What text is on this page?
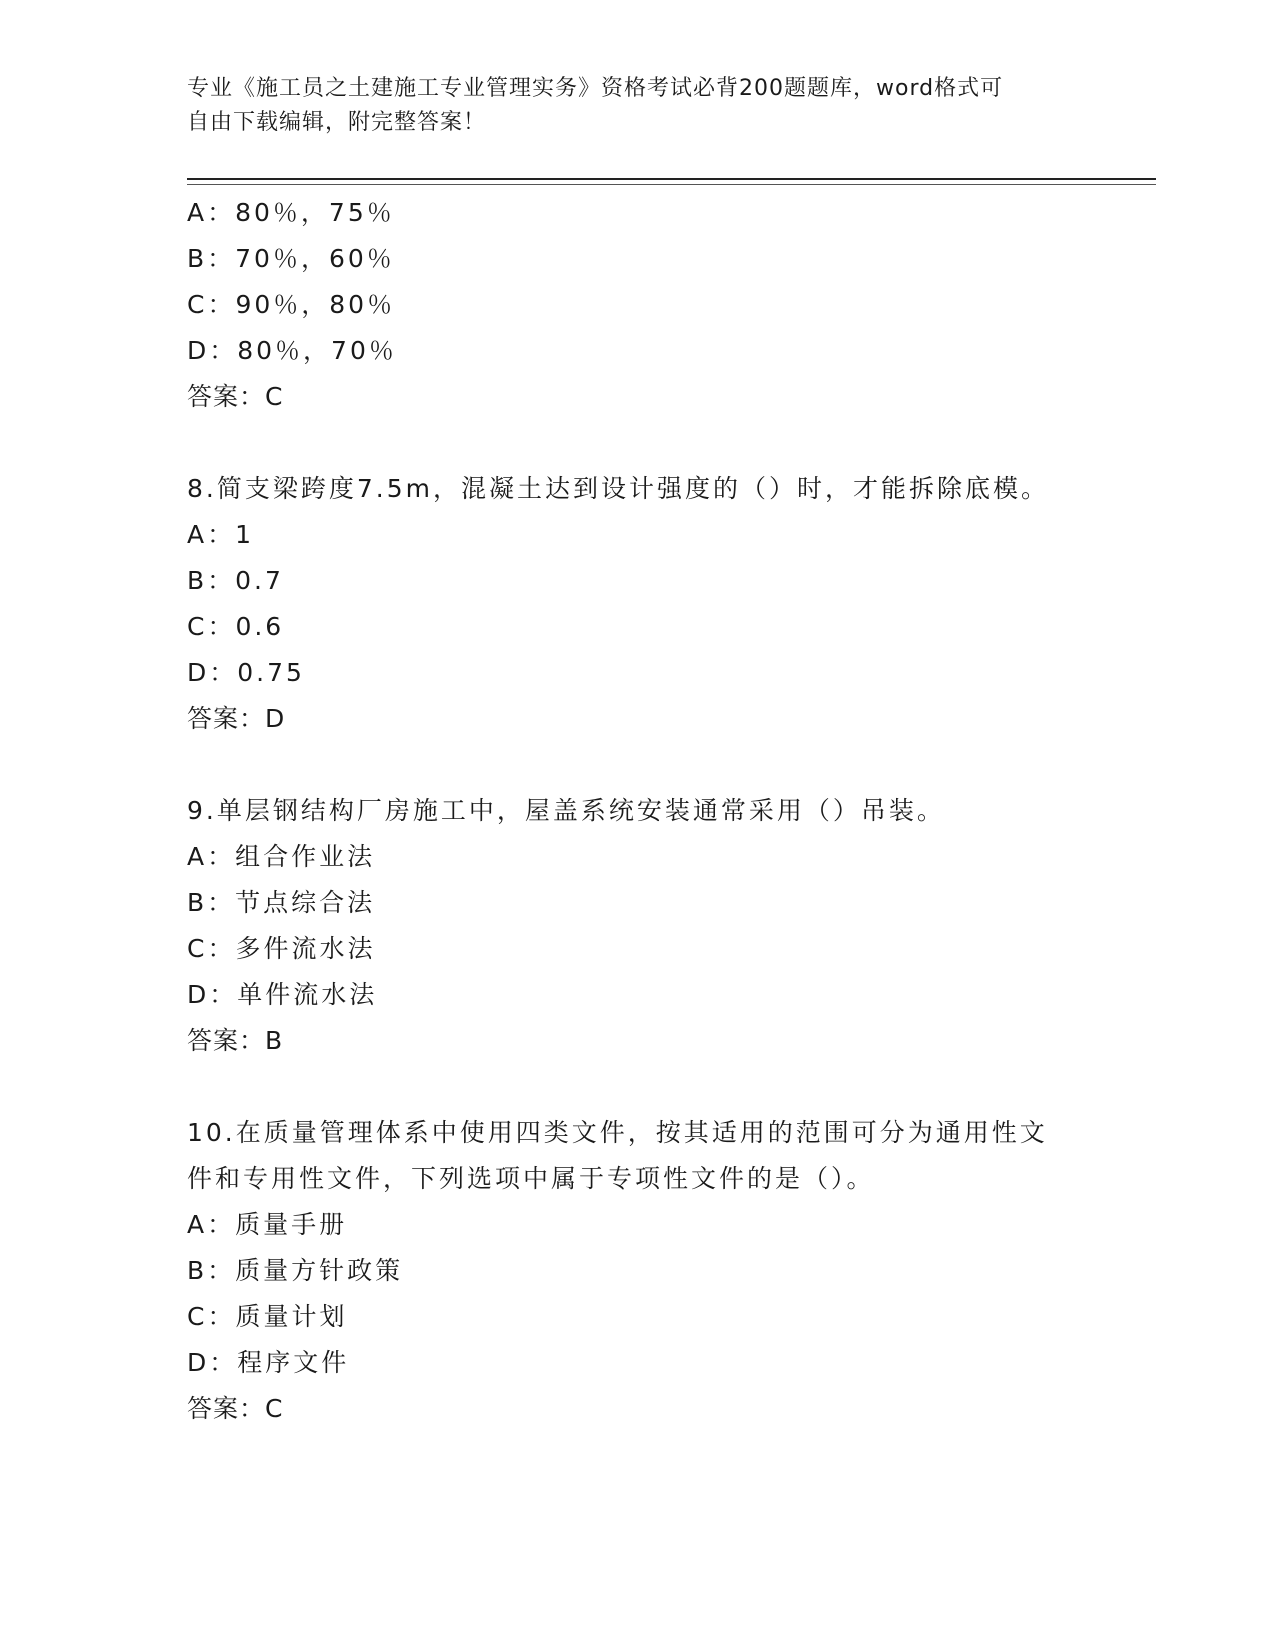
专业《施工员之土建施工专业管理实务》资格考试必背200题题库，word格式可
自由下载编辑，附完整答案！
A：80％，75％
B：70％，60％
C：90％，80％
D：80％，70％
答案：C
8.简支梁跨度7.5m，混凝土达到设计强度的（）时，才能拆除底模。
A：1
B：0.7
C：0.6
D：0.75
答案：D
9.单层钢结构厂房施工中，屋盖系统安装通常采用（）吊装。
A：组合作业法
B：节点综合法
C：多件流水法
D：单件流水法
答案：B
10.在质量管理体系中使用四类文件，按其适用的范围可分为通用性文
件和专用性文件，下列选项中属于专项性文件的是（）。
A：质量手册
B：质量方针政策
C：质量计划
D：程序文件
答案：C
